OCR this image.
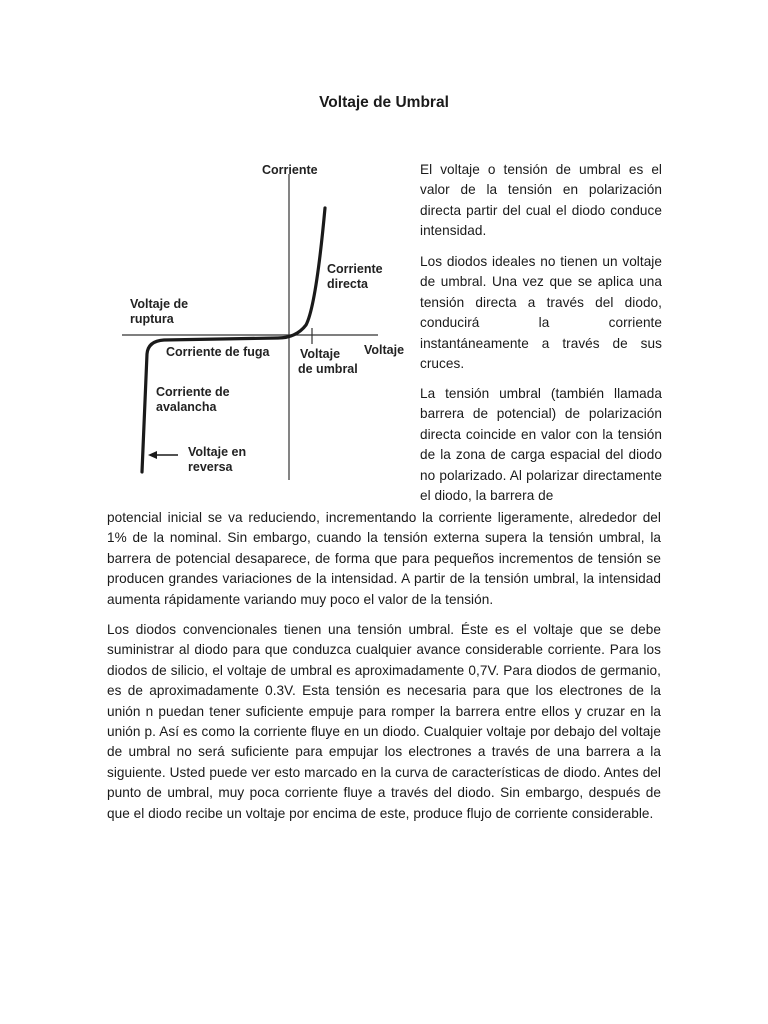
Voltaje de Umbral
Corriente
Corriente
directa
Voltaje de
ruptura
Corriente de fuga Voltaje
de umbral
Voltaje
Corriente de
avalancha
Voltaje en
reversa

El voltaje o tensión de umbral es el valor de la tensión en polarización directa partir del cual el diodo conduce intensidad.

Los diodos ideales no tienen un voltaje de umbral. Una vez que se aplica una tensión directa a través del diodo, conducirá la corriente instantáneamente a través de sus cruces.

La tensión umbral (también llamada barrera de potencial) de polarización directa coincide en valor con la tensión de la zona de carga espacial del diodo no polarizado. Al polarizar directamente el diodo, la barrera de

potencial inicial se va reduciendo, incrementando la corriente ligeramente, alrededor del 1% de la nominal. Sin embargo, cuando la tensión externa supera la tensión umbral, la barrera de potencial desaparece, de forma que para pequeños incrementos de tensión se producen grandes variaciones de la intensidad. A partir de la tensión umbral, la intensidad aumenta rápidamente variando muy poco el valor de la tensión.

Los diodos convencionales tienen una tensión umbral. Éste es el voltaje que se debe suministrar al diodo para que conduzca cualquier avance considerable corriente. Para los diodos de silicio, el voltaje de umbral es aproximadamente 0,7V. Para diodos de germanio, es de aproximadamente 0.3V. Esta tensión es necesaria para que los electrones de la unión n puedan tener suficiente empuje para romper la barrera entre ellos y cruzar en la unión p. Así es como la corriente fluye en un diodo. Cualquier voltaje por debajo del voltaje de umbral no será suficiente para empujar los electrones a través de una barrera a la siguiente. Usted puede ver esto marcado en la curva de características de diodo. Antes del punto de umbral, muy poca corriente fluye a través del diodo. Sin embargo, después de que el diodo recibe un voltaje por encima de este, produce flujo de corriente considerable.
